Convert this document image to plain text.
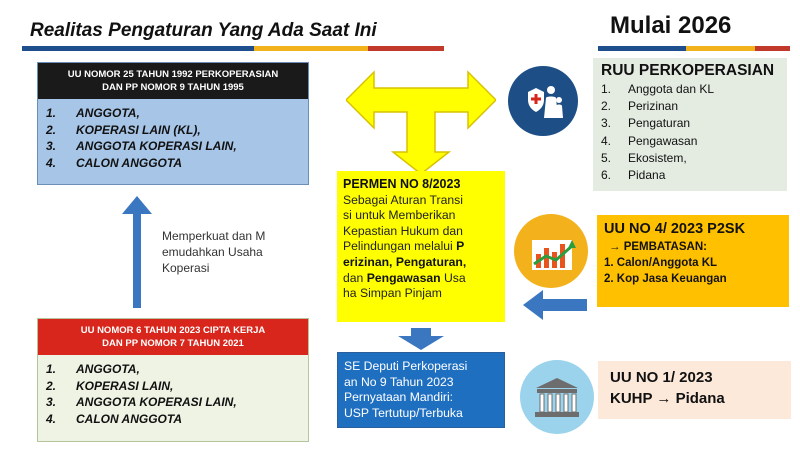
Realitas Pengaturan Yang Ada Saat Ini	Mulai 2026
UU NOMOR 25 TAHUN 1992 PERKOPERASIAN
DAN PP NOMOR 9 TAHUN 1995
1.	ANGGOTA,
2.	KOPERASI LAIN (KL),
3.	ANGGOTA KOPERASI LAIN,
4.	CALON ANGGOTA
Memperkuat dan M
emudahkan Usaha
Koperasi
UU NOMOR 6 TAHUN 2023 CIPTA KERJA
DAN PP NOMOR 7 TAHUN 2021
1.	ANGGOTA,
2.	KOPERASI LAIN,
3.	ANGGOTA KOPERASI LAIN,
4.	CALON ANGGOTA
PERMEN NO 8/2023
Sebagai Aturan Transi
si untuk Memberikan
Kepastian Hukum dan
Pelindungan melalui P
erizinan, Pengaturan,
dan Pengawasan Usa
ha Simpan Pinjam
SE Deputi Perkoperasi
an No 9 Tahun 2023
Pernyataan Mandiri:
USP Tertutup/Terbuka
RUU PERKOPERASIAN
1.	Anggota dan KL
2.	Perizinan
3.	Pengaturan
4.	Pengawasan
5.	Ekosistem,
6.	Pidana
UU NO 4/ 2023 P2SK
→ PEMBATASAN:
1. Calon/Anggota KL
2. Kop Jasa Keuangan
UU NO 1/ 2023
KUHP → Pidana
